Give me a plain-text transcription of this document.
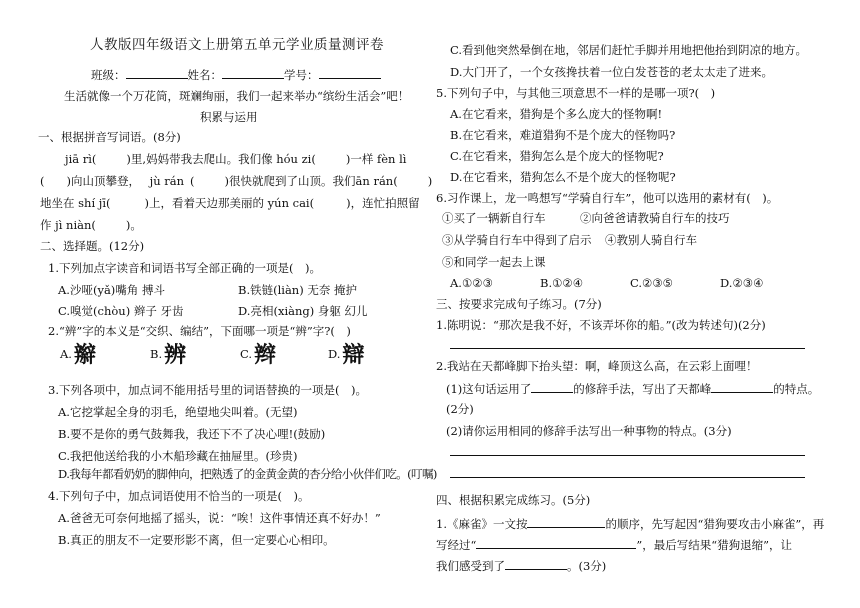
人教版四年级语文上册第五单元学业质量测评卷
班级：	姓名：	学号：
生活就像一个万花筒，斑斓绚丽，我们一起来举办“缤纷生活会”吧！
积累与运用
一、根据拼音写词语。(8分)
jiā rì(	)里,妈妈带我去爬山。我们像 hóu zi(	)一样 fèn lì
( )向山顶攀登， jù rán (	)很快就爬到了山顶。我们ān rán(	)
地坐在 shí jī(	)上，看着天边那美丽的 yún cai(	)，连忙拍照留
作 jì niàn(	)。
二、选择题。(12分)
1.下列加点字读音和词语书写全部正确的一项是(　)。
A.沙哑(yǎ)嘴角 搏斗	B.铁链(liàn) 无奈 掩护
C.嗅觉(chòu) 辫子 牙齿	D.亮相(xiàng) 身躯 幻儿
2.“辨”字的本义是“交织、编结”，下面哪一项是“辨”字?(　)
A.辮	B.辨	C.辫	D.辯
3.下列各项中，加点词不能用括号里的词语替换的一项是(　)。
A.它挖掌起全身的羽毛，绝望地尖叫着。(无望)
B.要不是你的勇气鼓舞我，我还下不了决心哩!(鼓励)
C.我把他送给我的小木船珍藏在抽屉里。(珍贵)
D.我每年都看奶奶的脚伸向，把熟透了的金黄金黄的杏分给小伙伴们吃。(叮嘱)
4.下列句子中，加点词语使用不恰当的一项是(　)。
A.爸爸无可奈何地摇了摇头，说：“唉！这件事情还真不好办！”
B.真正的朋友不一定要形影不离，但一定要心心相印。
C.看到他突然晕倒在地，邻居们赶忙手脚并用地把他抬到阴凉的地方。
D.大门开了，一个女孩搀扶着一位白发苍苍的老太太走了进来。
5.下列句子中，与其他三项意思不一样的是哪一项?(　)
A.在它看来，猎狗是个多么庞大的怪物啊!
B.在它看来，难道猎狗不是个庞大的怪物吗?
C.在它看来，猎狗怎么是个庞大的怪物呢?
D.在它看来，猎狗怎么不是个庞大的怪物呢?
6.习作课上，龙一鸣想写“学骑自行车”，他可以选用的素材有(　)。
①买了一辆新自行车	②向爸爸请教骑自行车的技巧
③从学骑自行车中得到了启示 ④教别人骑自行车
⑤和同学一起去上课
A.①②③	B.①②④	C.②③⑤	D.②③④
三、按要求完成句子练习。(7分)
1.陈明说：“那次是我不好，不该弄坏你的船。”(改为转述句)(2分)
2.我站在天都峰脚下抬头望：啊，峰顶这么高，在云彩上面哩！
(1)这句话运用了	的修辞手法，写出了天都峰	的特点。
(2分)
(2)请你运用相同的修辞手法写出一种事物的特点。(3分)
四、根据积累完成练习。(5分)
1.《麻雀》一文按	的顺序，先写起因“猎狗要攻击小麻雀”，再
写经过“	”，最后写结果“猎狗退缩”，让
我们感受到了	。(3分)
